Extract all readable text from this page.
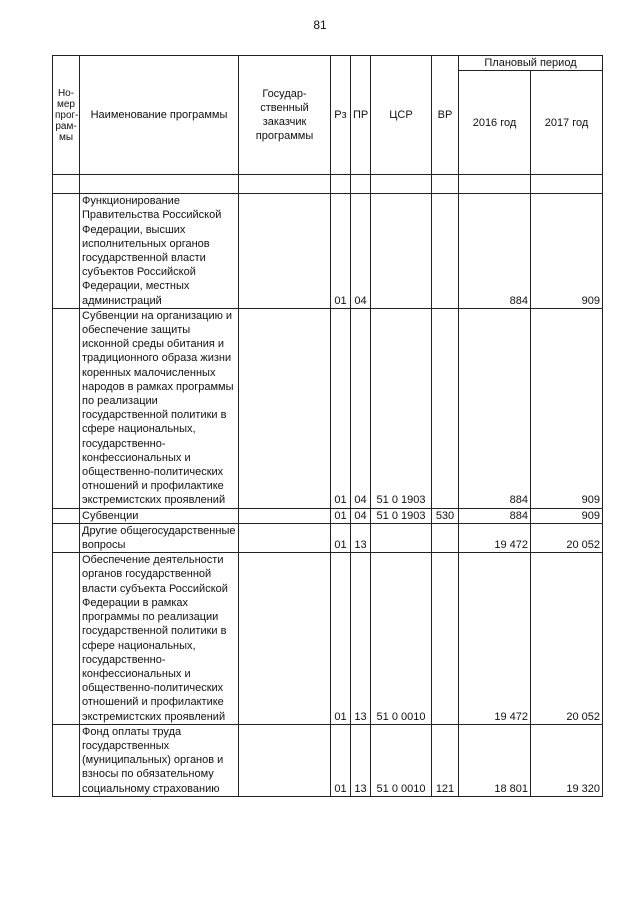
81
Но-мер прог-рам-мы	Наименование программы	Государ-ственный заказчик программы	Рз	ПР	ЦСР	ВР	Плановый период	
							2016 год	2017 год

	Функционирование Правительства Российской Федерации, высших исполнительных органов государственной власти субъектов Российской Федерации, местных администраций		01	04			884	909
	Субвенции на организацию и обеспечение защиты исконной среды обитания и традиционного образа жизни коренных малочисленных народов в рамках программы по реализации государственной политики в сфере национальных, государственно-конфессиональных и общественно-политических отношений и профилактике экстремистских проявлений		01	04	51 0 1903		884	909
	Субвенции		01	04	51 0 1903	530	884	909
	Другие общегосударственные вопросы		01	13			19 472	20 052
	Обеспечение деятельности органов государственной власти субъекта Российской Федерации в рамках программы по реализации государственной политики в сфере национальных, государственно-конфессиональных и общественно-политических отношений и профилактике экстремистских проявлений		01	13	51 0 0010		19 472	20 052
	Фонд оплаты труда государственных (муниципальных) органов и взносы по обязательному социальному страхованию		01	13	51 0 0010	121	18 801	19 320
